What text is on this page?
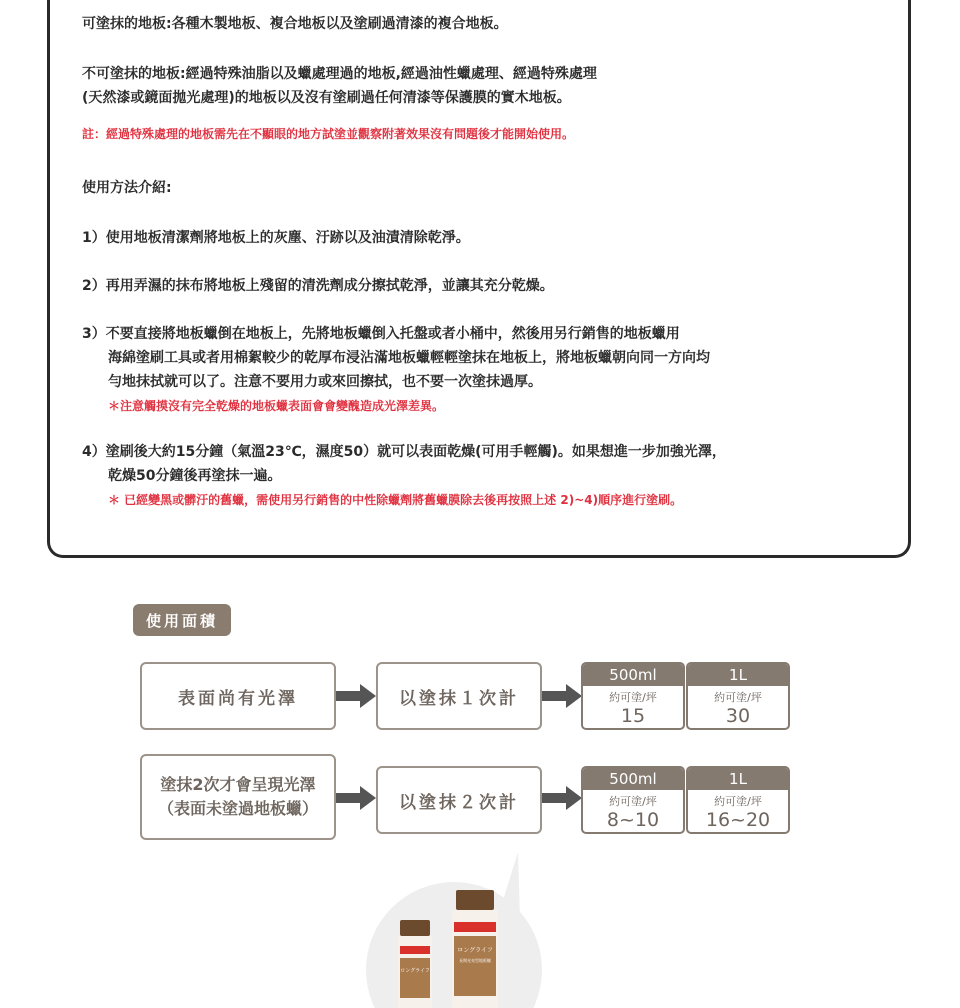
可塗抹的地板:各種木製地板、複合地板以及塗刷過清漆的複合地板。
不可塗抹的地板:經過特殊油脂以及蠟處理過的地板,經過油性蠟處理、經過特殊處理
(天然漆或鏡面拋光處理)的地板以及沒有塗刷過任何清漆等保護膜的實木地板。
註：經過特殊處理的地板需先在不顯眼的地方試塗並觀察附著效果沒有問題後才能開始使用。
使用方法介紹:
1）使用地板清潔劑將地板上的灰塵、汙跡以及油漬清除乾淨。
2）再用弄濕的抹布將地板上殘留的清洗劑成分擦拭乾淨，並讓其充分乾燥。
3）不要直接將地板蠟倒在地板上，先將地板蠟倒入托盤或者小桶中，然後用另行銷售的地板蠟用
海綿塗刷工具或者用棉絮較少的乾厚布浸沾滿地板蠟輕輕塗抹在地板上，將地板蠟朝向同一方向均
勻地抹拭就可以了。注意不要用力或來回擦拭，也不要一次塗抹過厚。
＊注意觸摸沒有完全乾燥的地板蠟表面會會變醜造成光澤差異。
4）塗刷後大約15分鐘（氣溫23℃，濕度50）就可以表面乾燥(可用手輕觸)。如果想進一步加強光澤，
乾燥50分鐘後再塗抹一遍。
＊ 已經變黑或髒汙的舊蠟，需使用另行銷售的中性除蠟劑將舊蠟膜除去後再按照上述 2)~4)順序進行塗刷。
使用面積
表面尚有光澤	以塗抹１次計
500ml
約可塗/坪
15
1L
約可塗/坪
30
塗抹2次才會呈現光澤
（表面未塗過地板蠟）	以塗抹２次計
500ml
約可塗/坪
8~10
1L
約可塗/坪
16~20
ロングライフ
ロングライフ
長期光亮型地板蠟
